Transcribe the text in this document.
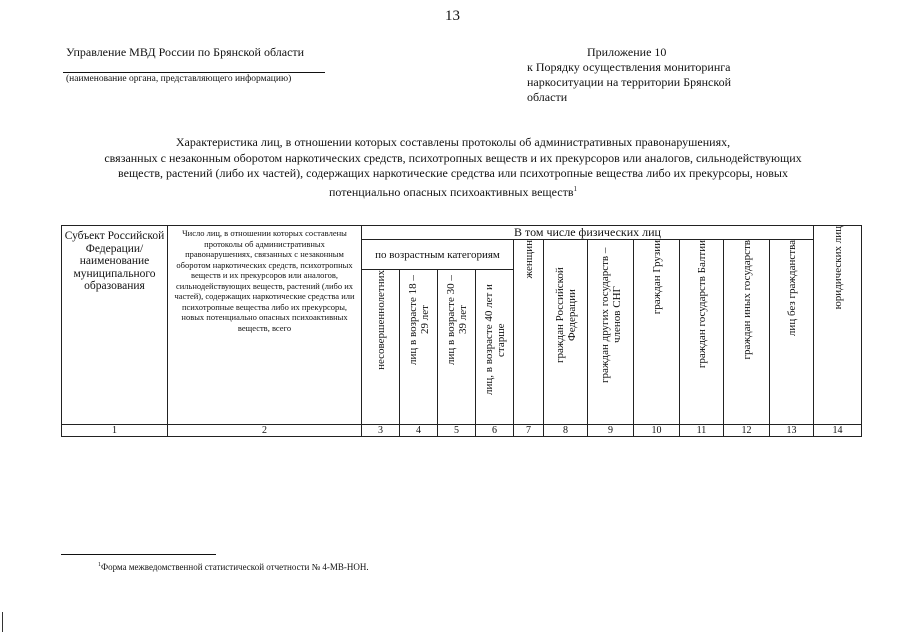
13
Управление МВД России по Брянской области
(наименование органа, представляющего информацию)
Приложение 10
к Порядку осуществления мониторинга
наркоситуации на территории Брянской
области
Характеристика лиц, в отношении которых составлены протоколы об административных правонарушениях,
связанных с незаконным оборотом наркотических средств, психотропных веществ и их прекурсоров или аналогов, сильнодействующих
веществ, растений (либо их частей), содержащих наркотические средства или психотропные вещества либо их прекурсоры, новых
потенциально опасных психоактивных веществ$^1$
Субъект Российской Федерации/ наименование муниципального образования	Число лиц, в отношении которых составлены протоколы об административных правонарушениях, связанных с незаконным оборотом наркотических средств, психотропных веществ и их прекурсоров или аналогов, сильнодействующих веществ, растений (либо их частей), содержащих наркотические средства или психотропные вещества либо их прекурсоры, новых потенциально опасных психоактивных веществ, всего	В том числе физических лиц											юридических лиц
		по возрастным категориям				женщин	граждан Российской Федерации	граждан других государств – членов СНГ	граждан Грузии	граждан государств Балтии	граждан иных государств	лиц без гражданства	
		несовершеннолетних	лиц в возрасте 18 – 29 лет	лиц в возрасте 30 – 39 лет	лиц, в возрасте 40 лет и старше								
1	2	3	4	5	6	7	8	9	10	11	12	13	14
$^1$Форма межведомственной статистической отчетности № 4-МВ-НОН.
